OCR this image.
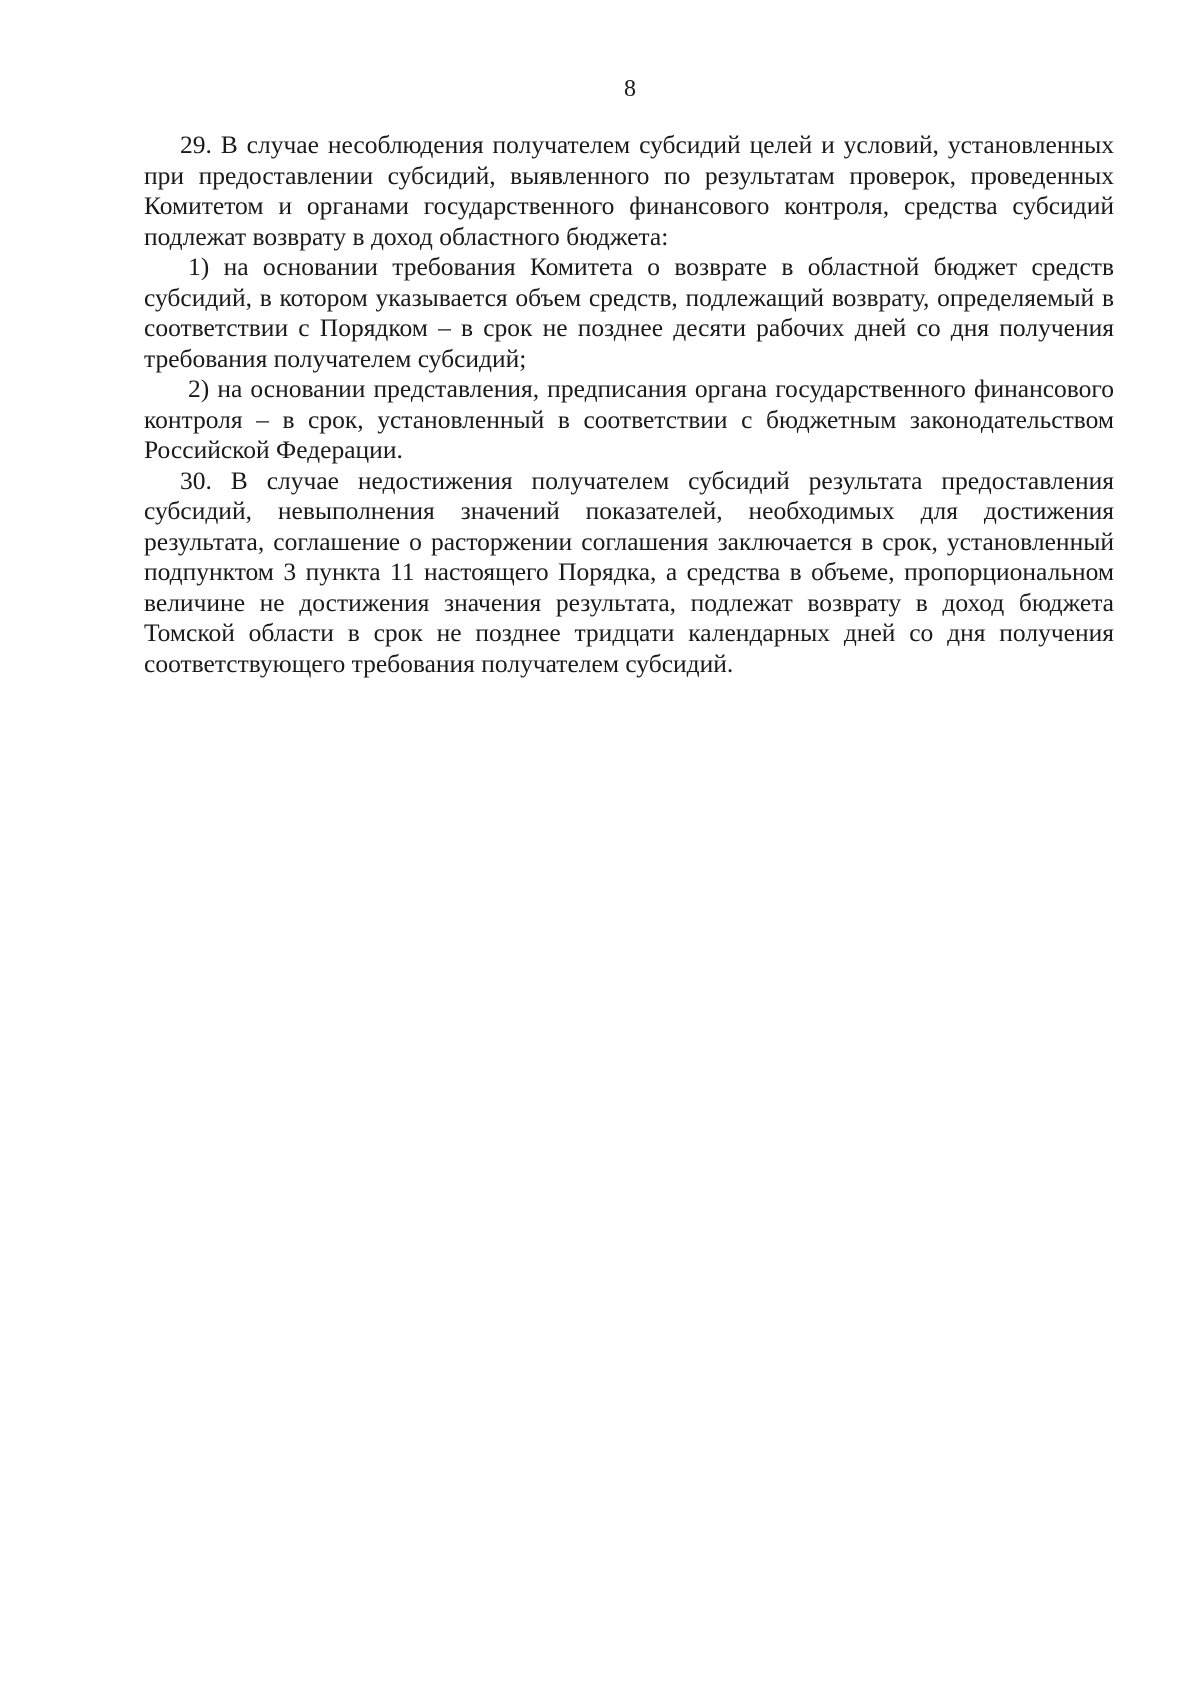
8

29. В случае несоблюдения получателем субсидий целей и условий, установленных при предоставлении субсидий, выявленного по результатам проверок, проведенных Комитетом и органами государственного финансового контроля, средства субсидий подлежат возврату в доход областного бюджета:

1) на основании требования Комитета о возврате в областной бюджет средств субсидий, в котором указывается объем средств, подлежащий возврату, определяемый в соответствии с Порядком – в срок не позднее десяти рабочих дней со дня получения требования получателем субсидий;

2) на основании представления, предписания органа государственного финансового контроля – в срок, установленный в соответствии с бюджетным законодательством Российской Федерации.

30. В случае недостижения получателем субсидий результата предоставления субсидий, невыполнения значений показателей, необходимых для достижения результата, соглашение о расторжении соглашения заключается в срок, установленный подпунктом 3 пункта 11 настоящего Порядка, а средства в объеме, пропорциональном величине не достижения значения результата, подлежат возврату в доход бюджета Томской области в срок не позднее тридцати календарных дней со дня получения соответствующего требования получателем субсидий.
